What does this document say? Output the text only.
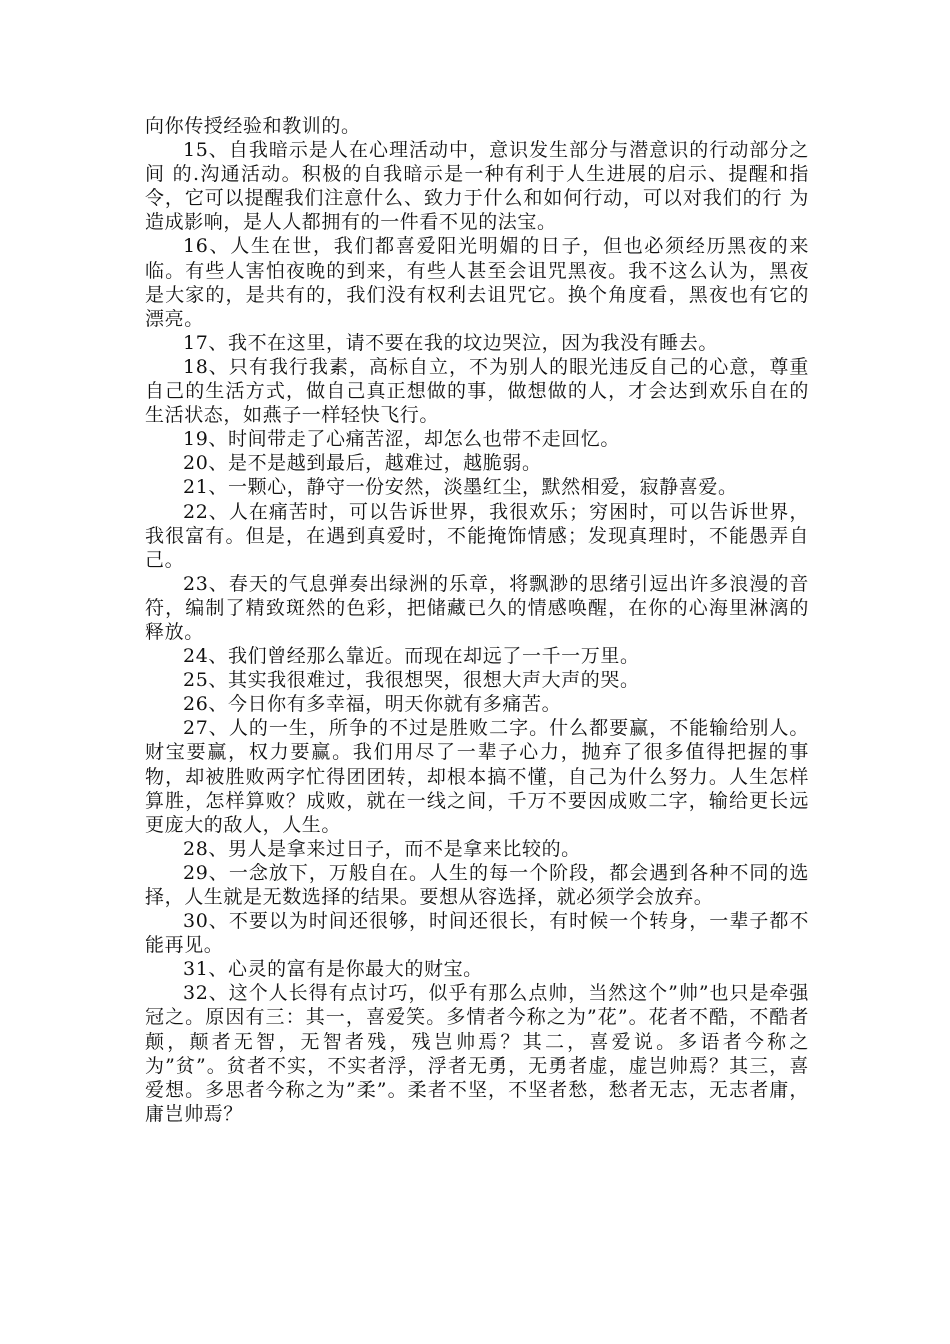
向你传授经验和教训的。

15、自我暗示是人在心理活动中，意识发生部分与潜意识的行动部分之间 的.沟通活动。积极的自我暗示是一种有利于人生进展的启示、提醒和指 令，它可以提醒我们注意什么、致力于什么和如何行动，可以对我们的行 为造成影响，是人人都拥有的一件看不见的法宝。

16、人生在世，我们都喜爱阳光明媚的日子，但也必须经历黑夜的来临。有些人害怕夜晚的到来，有些人甚至会诅咒黑夜。我不这么认为，黑夜是大家的，是共有的，我们没有权利去诅咒它。换个角度看，黑夜也有它的漂亮。

17、我不在这里，请不要在我的坟边哭泣，因为我没有睡去。

18、只有我行我素，高标自立，不为别人的眼光违反自己的心意，尊重自己的生活方式，做自己真正想做的事，做想做的人，才会达到欢乐自在的生活状态，如燕子一样轻快飞行。

19、时间带走了心痛苦涩，却怎么也带不走回忆。

20、是不是越到最后，越难过，越脆弱。

21、一颗心，静守一份安然，淡墨红尘，默然相爱，寂静喜爱。

22、人在痛苦时，可以告诉世界，我很欢乐；穷困时，可以告诉世界，我很富有。但是，在遇到真爱时，不能掩饰情感；发现真理时，不能愚弄自己。

23、春天的气息弹奏出绿洲的乐章，将飘渺的思绪引逗出许多浪漫的音符，编制了精致斑然的色彩，把储藏已久的情感唤醒，在你的心海里淋漓的释放。

24、我们曾经那么靠近。而现在却远了一千一万里。

25、其实我很难过，我很想哭，很想大声大声的哭。

26、今日你有多幸福，明天你就有多痛苦。

27、人的一生，所争的不过是胜败二字。什么都要赢，不能输给别人。财宝要赢，权力要赢。我们用尽了一辈子心力，抛弃了很多值得把握的事物，却被胜败两字忙得团团转，却根本搞不懂，自己为什么努力。人生怎样算胜，怎样算败？成败，就在一线之间，千万不要因成败二字，输给更长远更庞大的敌人，人生。

28、男人是拿来过日子，而不是拿来比较的。

29、一念放下，万般自在。人生的每一个阶段，都会遇到各种不同的选择，人生就是无数选择的结果。要想从容选择，就必须学会放弃。

30、不要以为时间还很够，时间还很长，有时候一个转身，一辈子都不能再见。

31、心灵的富有是你最大的财宝。

32、这个人长得有点讨巧，似乎有那么点帅，当然这个”帅”也只是牵强冠之。原因有三：其一，喜爱笑。多情者今称之为”花”。花者不酷，不酷者颠，颠者无智，无智者残，残岂帅焉？其二，喜爱说。多语者今称之为”贫”。贫者不实，不实者浮，浮者无勇，无勇者虚，虚岂帅焉？其三，喜爱想。多思者今称之为”柔”。柔者不坚，不坚者愁，愁者无志，无志者庸，庸岂帅焉？
